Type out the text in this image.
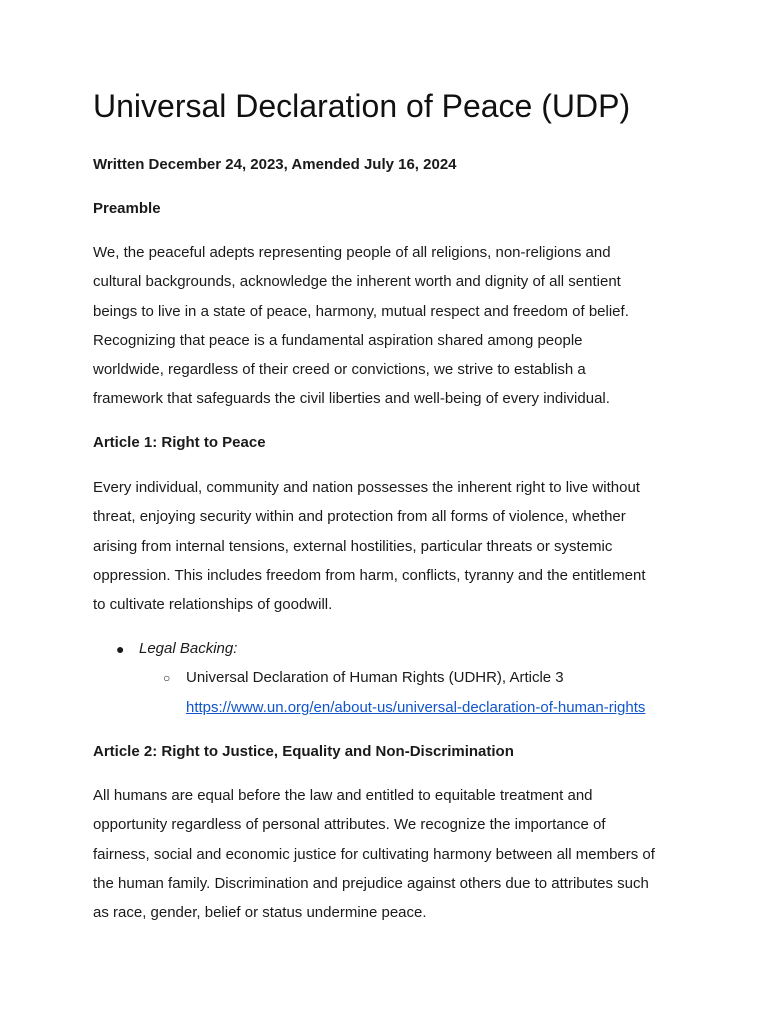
Universal Declaration of Peace (UDP)

Written December 24, 2023, Amended July 16, 2024

Preamble
We, the peaceful adepts representing people of all religions, non-religions and
cultural backgrounds, acknowledge the inherent worth and dignity of all sentient
beings to live in a state of peace, harmony, mutual respect and freedom of belief.
Recognizing that peace is a fundamental aspiration shared among people
worldwide, regardless of their creed or convictions, we strive to establish a
framework that safeguards the civil liberties and well-being of every individual.
Article 1: Right to Peace
Every individual, community and nation possesses the inherent right to live without
threat, enjoying security within and protection from all forms of violence, whether
arising from internal tensions, external hostilities, particular threats or systemic
oppression. This includes freedom from harm, conflicts, tyranny and the entitlement
to cultivate relationships of goodwill.
● Legal Backing:
○ Universal Declaration of Human Rights (UDHR), Article 3
https://www.un.org/en/about-us/universal-declaration-of-human-rights
Article 2: Right to Justice, Equality and Non-Discrimination
All humans are equal before the law and entitled to equitable treatment and
opportunity regardless of personal attributes. We recognize the importance of
fairness, social and economic justice for cultivating harmony between all members of
the human family. Discrimination and prejudice against others due to attributes such
as race, gender, belief or status undermine peace.
